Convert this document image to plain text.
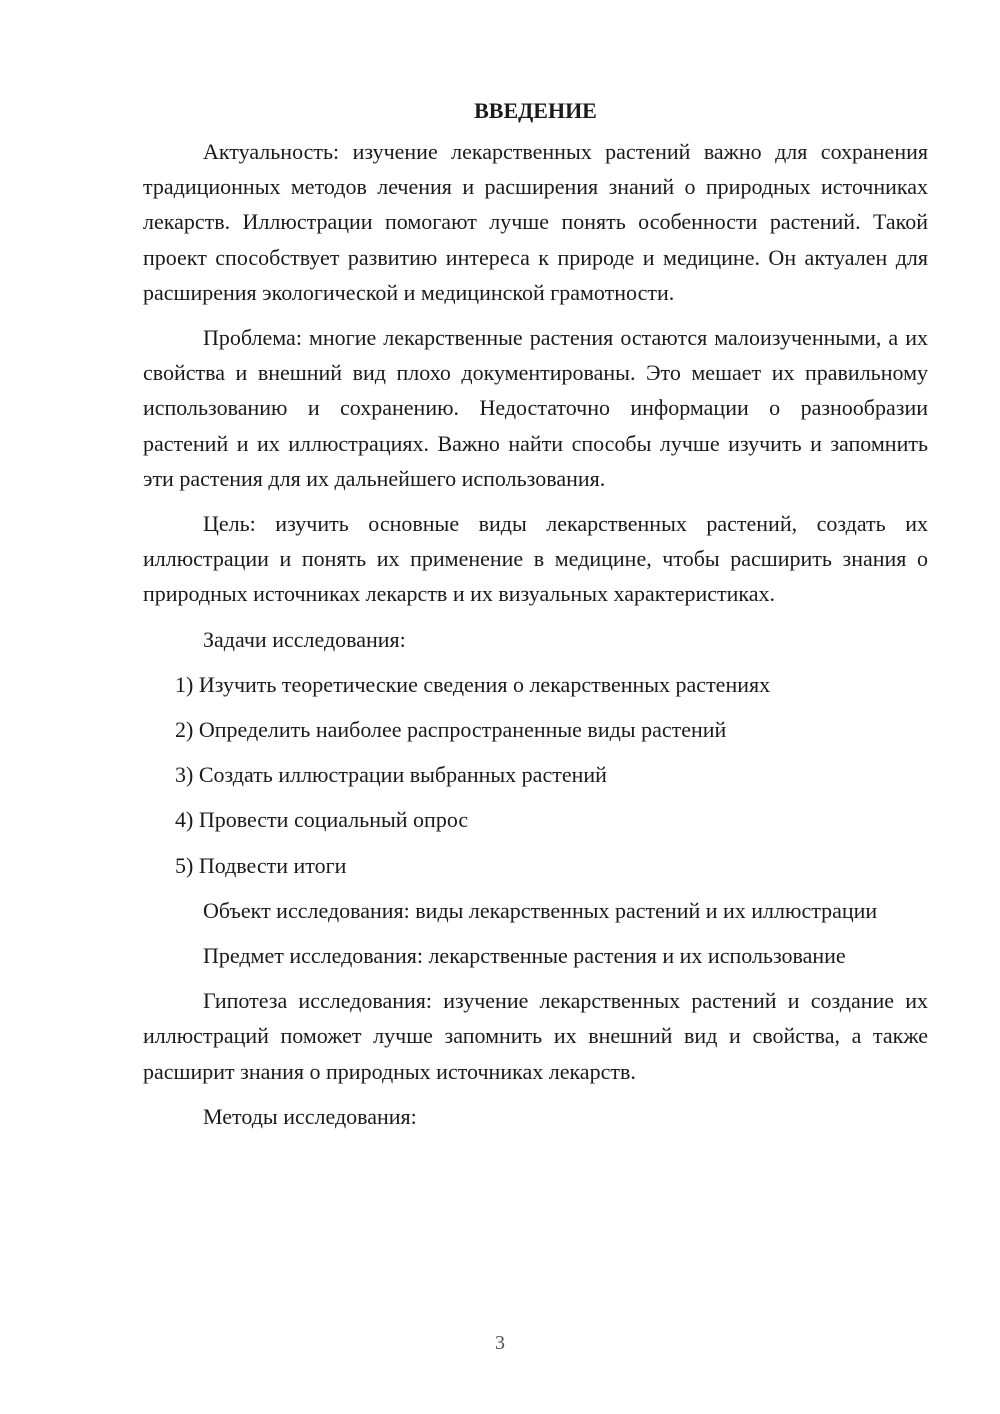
ВВЕДЕНИЕ

Актуальность: изучение лекарственных растений важно для сохранения традиционных методов лечения и расширения знаний о природных источниках лекарств. Иллюстрации помогают лучше понять особенности растений. Такой проект способствует развитию интереса к природе и медицине. Он актуален для расширения экологической и медицинской грамотности.

Проблема: многие лекарственные растения остаются малоизученными, а их свойства и внешний вид плохо документированы. Это мешает их правильному использованию и сохранению. Недостаточно информации о разнообразии растений и их иллюстрациях. Важно найти способы лучше изучить и запомнить эти растения для их дальнейшего использования.

Цель: изучить основные виды лекарственных растений, создать их иллюстрации и понять их применение в медицине, чтобы расширить знания о природных источниках лекарств и их визуальных характеристиках.

Задачи исследования:

1) Изучить теоретические сведения о лекарственных растениях
2) Определить наиболее распространенные виды растений
3) Создать иллюстрации выбранных растений
4) Провести социальный опрос
5) Подвести итоги

Объект исследования: виды лекарственных растений и их иллюстрации

Предмет исследования: лекарственные растения и их использование

Гипотеза исследования: изучение лекарственных растений и создание их иллюстраций поможет лучше запомнить их внешний вид и свойства, а также расширит знания о природных источниках лекарств.

Методы исследования:

3
